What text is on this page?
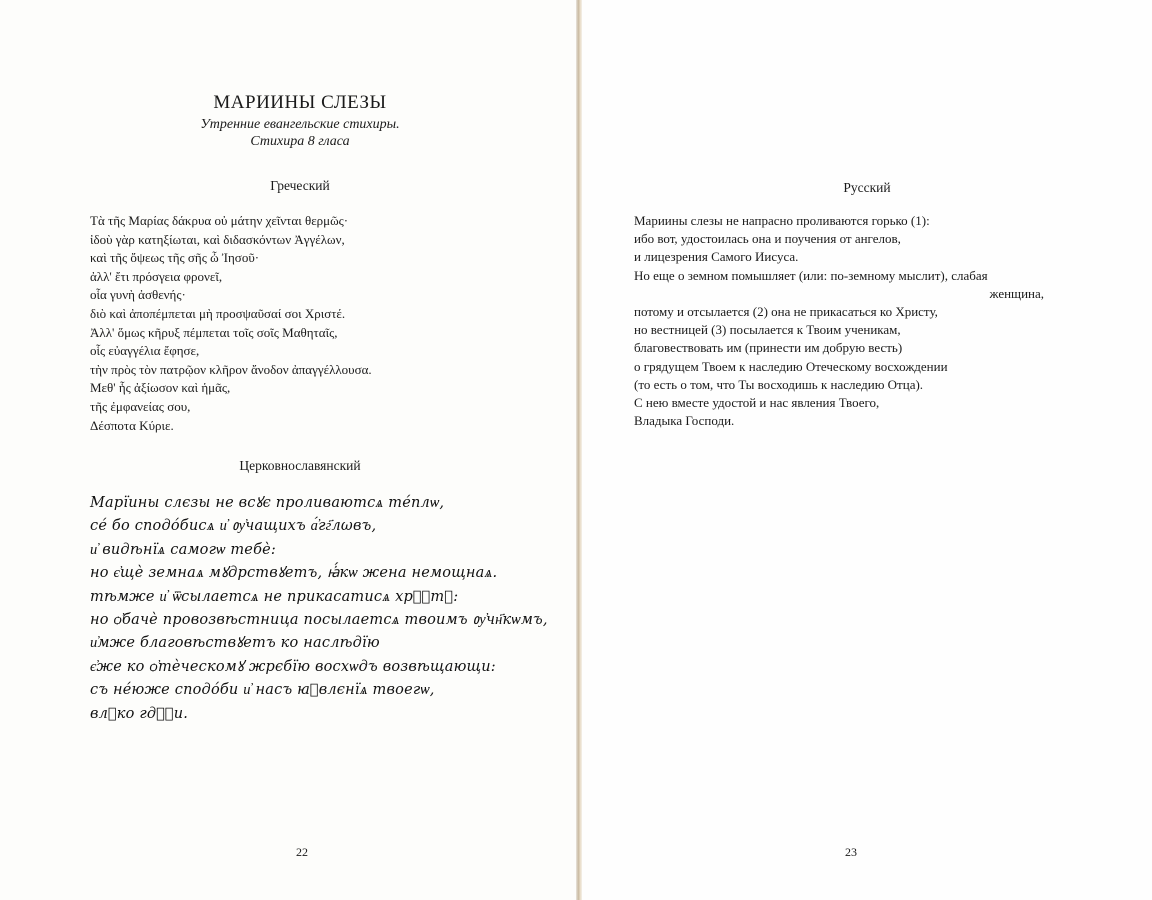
МАРИИНЫ СЛЕЗЫ
Утренние евангельские стихиры.
Стихира 8 гласа
Греческий
Τὰ τῆς Μαρίας δάκρυα οὐ μάτην χεῖνται θερμῶς·
ἰδοὺ γὰρ κατηξίωται, καὶ διδασκόντων Ἀγγέλων,
καὶ τῆς ὄψεως τῆς σῆς ὦ Ἰησοῦ·
ἀλλ' ἔτι πρόσγεια φρονεῖ,
οἷα γυνὴ ἀσθενής·
διὸ καὶ ἀποπέμπεται μὴ προσψαῦσαί σοι Χριστέ.
Ἀλλ' ὅμως κῆρυξ πέμπεται τοῖς σοῖς Μαθηταῖς,
οἷς εὐαγγέλια ἔφησε,
τὴν πρὸς τὸν πατρῷον κλῆρον ἄνοδον ἀπαγγέλλουσα.
Μεθ' ἧς ἀξίωσον καὶ ἡμᾶς,
τῆς ἐμφανείας σου,
Δέσποτα Κύριε.
Церковнославянский
Марїины слєзы не всꙋє прoливаютсѧ тéплѡ,
сé бо сподóбисѧ и҆ ᲂу҆чащихъ а҆́гг҃лωвъ,
и҆ видѣнїѧ самогѡ тебѐ:
но є҆щѐ земнаѧ мꙋдрствꙋетъ, ꙗ҆́кѡ жена немощнаѧ.
тѣмже и҆ ѿсылаетсѧ не прикасатисѧ хрⷭ҇тꙋ:
но ѻ҆бачѐ провозвѣстница посылаетсѧ твоимъ ᲂу҆чн҃кѡмъ,
и҆мже благовѣствꙋетъ ко наслѣдїю
є҆же ко ѻ҆тѐческомꙋ жрєбїю восхѡдъ возвѣщающи:
съ нéюже сподóби и҆ насъ ꙗ҆влєнїѧ твоегѡ,
влⷣко гдⷭ҇и.
22
Русский
Мариины слезы не напрасно проливаются горько (1):
ибо вот, удостоилась она и поучения от ангелов,
и лицезрения Самого Иисуса.
Но еще о земном помышляет (или: по-земному мыслит), слабая
женщина,
потому и отсылается (2) она не прикасаться ко Христу,
но вестницей (3) посылается к Твоим ученикам,
благовествовать им (принести им добрую весть)
о грядущем Твоем к наследию Отеческому восхождении
(то есть о том, что Ты восходишь к наследию Отца).
С нею вместе удостой и нас явления Твоего,
Владыка Господи.
23
